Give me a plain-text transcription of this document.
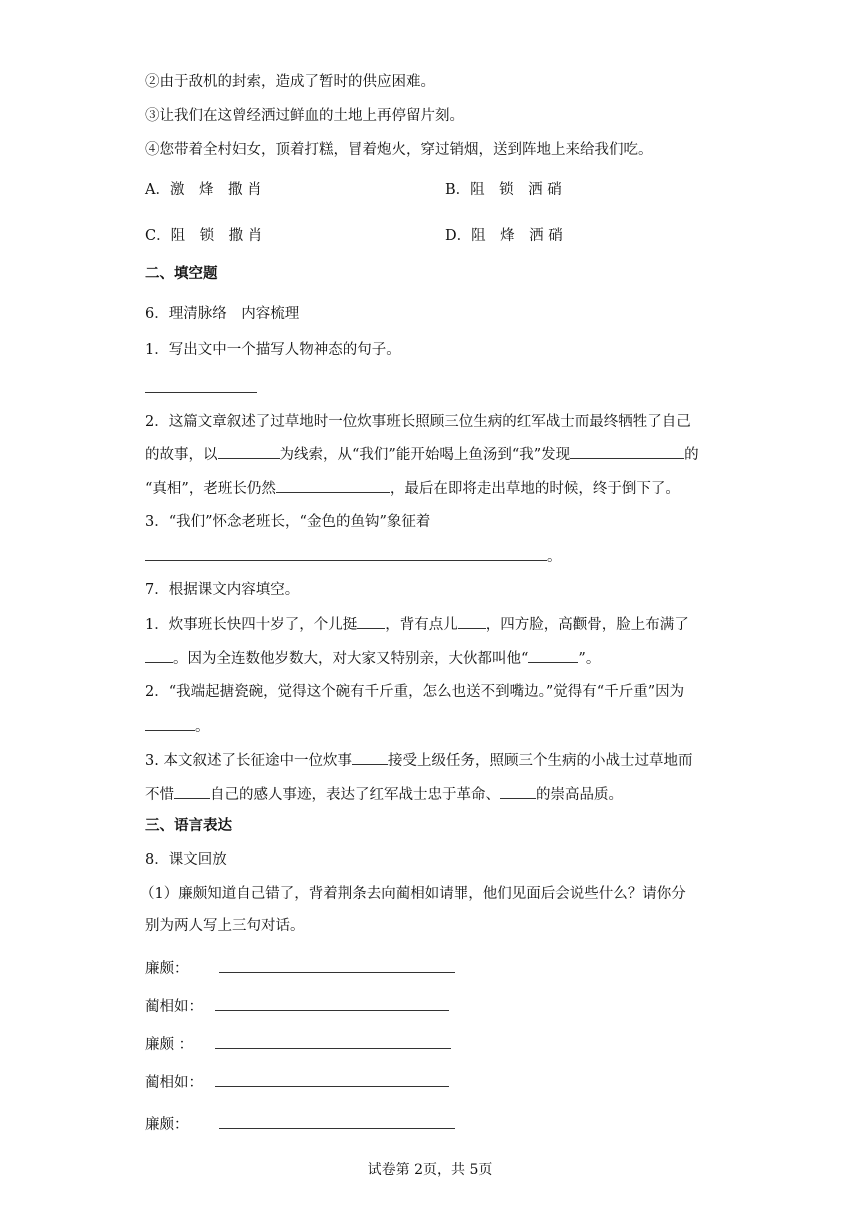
②由于敌机的封索，造成了暂时的供应困难。
③让我们在这曾经洒过鲜血的土地上再停留片刻。
④您带着全村妇女，顶着打糕，冒着炮火，穿过销烟，送到阵地上来给我们吃。
A．激　烽　撒 肖	B．阻　锁　洒 硝
C．阻　锁　撒 肖	D．阻　烽　洒 硝
二、填空题
6．理清脉络　内容梳理
1．写出文中一个描写人物神态的句子。
2．这篇文章叙述了过草地时一位炊事班长照顾三位生病的红军战士而最终牺牲了自己
的故事，以	为线索，从“我们”能开始喝上鱼汤到“我”发现	的
“真相”，老班长仍然	，最后在即将走出草地的时候，终于倒下了。
3．“我们”怀念老班长，“金色的鱼钩”象征着
。
7．根据课文内容填空。
1．炊事班长快四十岁了，个儿挺 ，背有点儿 ，四方脸，高颧骨，脸上布满了
。因为全连数他岁数大，对大家又特别亲，大伙都叫他“	”。
2．“我端起搪瓷碗，觉得这个碗有千斤重，怎么也送不到嘴边。”觉得有“千斤重”因为
。
3. 本文叙述了长征途中一位炊事 接受上级任务，照顾三个生病的小战士过草地而
不惜 自己的感人事迹，表达了红军战士忠于革命、 的崇高品质。
三、语言表达
8．课文回放
（1）廉颇知道自己错了，背着荆条去向蔺相如请罪，他们见面后会说些什么？请你分
别为两人写上三句对话。
廉颇：
蔺相如：
廉颇 ：
蔺相如：
廉颇：
试卷第 2页，共 5页
